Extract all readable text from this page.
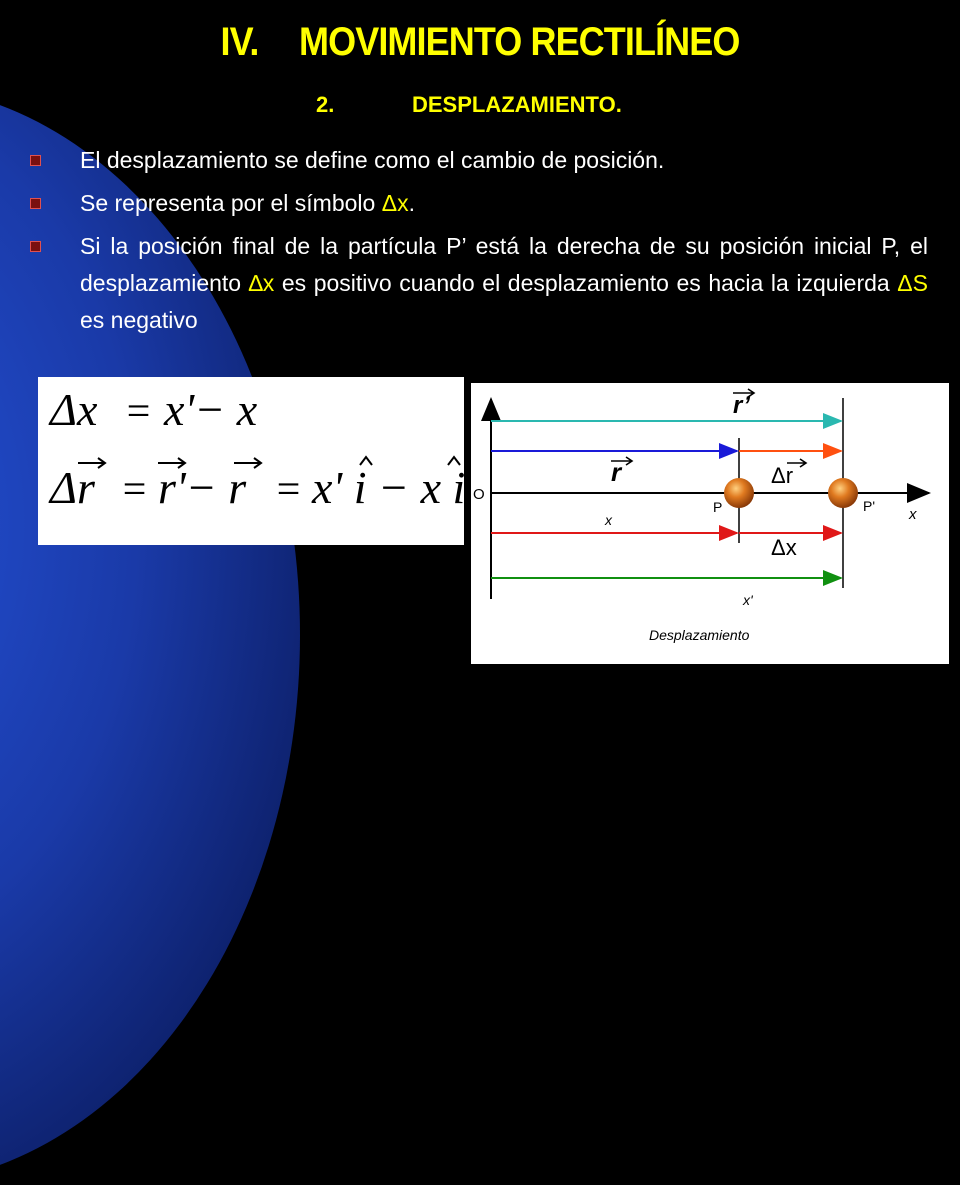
IV. MOVIMIENTO RECTILÍNEO
2.	DESPLAZAMIENTO.
El desplazamiento se define como el cambio de posición.
Se representa por el símbolo Δx.
Si la posición final de la partícula P’ está la derecha de su posición inicial P, el desplazamiento ∆x es positivo cuando el desplazamiento es hacia la izquierda ΔS es negativo
Δx = x'− x
Δr = r'− r = x' i − x i O
x
P	P'
r’
r	Δr
x
Δx
x'
Desplazamiento
